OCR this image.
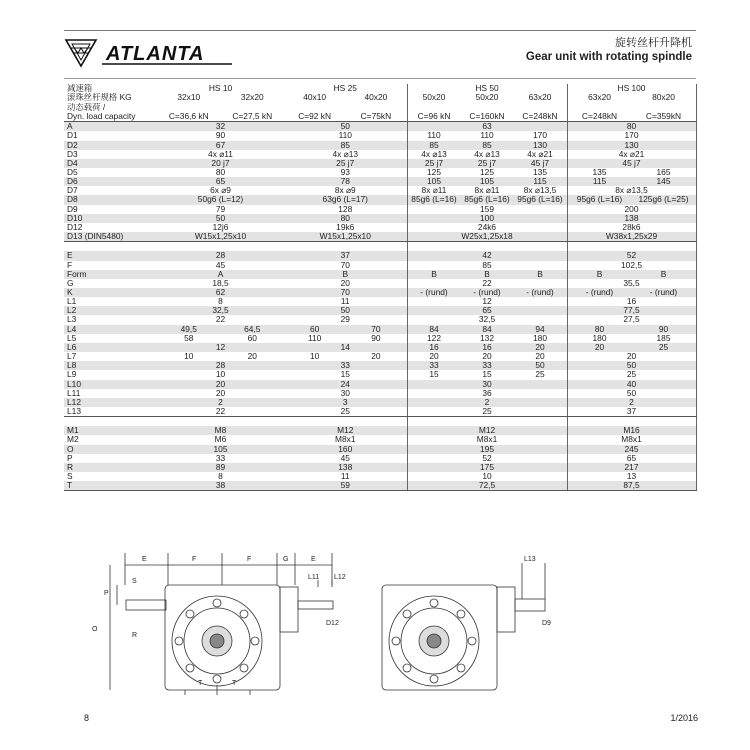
ATLANTA	旋转丝杆升降机
Gear unit with rotating spindle
减速箱	HS 10	HS 25	HS 50	HS 100
滚珠丝杆规格 KG	32x10 32x20	40x10 40x20	50x20 50x20 63x20	63x20 80x20

动态载荷 /				
Dyn. load capacity	C=36,6 kN C=27,5 kN	C=92 kN C=75kN	C=96 kN C=160kN C=248kN	C=248kN C=359kN

A	32	50	63	80
D1	90	110	110 110 170	170
D2	67	85	85 85 130	130
D3	4x ⌀11	4x ⌀13	4x ⌀13 4x ⌀13 4x ⌀21	4x ⌀21
D4	20 j7	25 j7	25 j7 25 j7 45 j7	45 j7
D5	80	93	125 125 135	135 165

D6	65	78	105 105 115	115 145

D7	6x ⌀9	8x ⌀9	8x ⌀11 8x ⌀11 8x ⌀13,5	8x ⌀13,5
D8	50g6 (L=12)	63g6 (L=17)	85g6 (L=16) 85g6 (L=16) 95g6 (L=16)	95g6 (L=16) 125g6 (L=25)

D9	79	128	159	200
D10	50	80	100	138
D12	12j6	19k6	24k6	28k6
D13 (DIN5480)	W15x1,25x10	W15x1,25x10	W25x1,25x18	W38x1,25x29

E	28	37	42	52
F	45	70	85	102,5
Form	A	B	B B B	B B

G	18,5	20	22	35,5
K	62	70	- (rund) - (rund) - (rund)	- (rund) - (rund)

L1	8	11	12	16
L2	32,5	50	65	77,5
L3	22	29	32,5	27,5
L4	49,5 64,5	60 70	84 84 94	80 90

L5	58 60	110 90	122 132 180	180 185

L6	12	14	16 16 20	20 25

L7	10 20	10 20	20 20 20	20
L8	28	33	33 33 50	50
L9	10	15	15 15 25	25
L10	20	24	30	40
L11	20	30	36	50
L12	2	3	2	2
L13	22	25	25	37

M1	M8	M12	M12	M16
M2	M6	M8x1	M8x1	M8x1
O	105	160	195	245
P	33	45	52	65
R	89	138	175	217
S	8	11	10	13
T	38	59	72,5	87,5
E	F	F	G	E
S
P
O
R
T	T
L11 L12
D12
L13
D9
8	1/2016
